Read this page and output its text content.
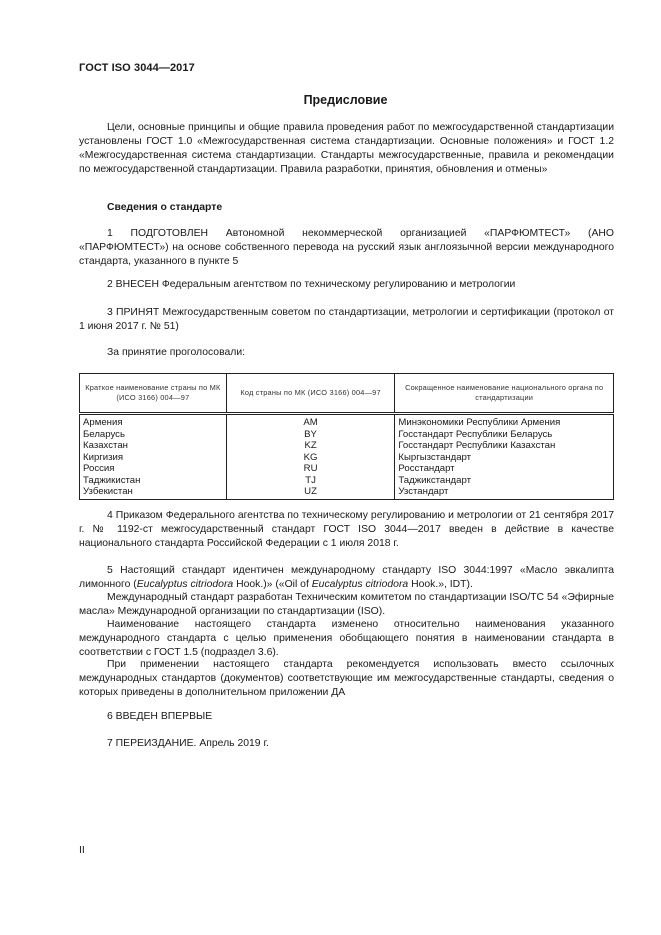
ГОСТ ISO 3044—2017
Предисловие
Цели, основные принципы и общие правила проведения работ по межгосударственной стандартизации установлены ГОСТ 1.0 «Межгосударственная система стандартизации. Основные положения» и ГОСТ 1.2 «Межгосударственная система стандартизации. Стандарты межгосударственные, правила и рекомендации по межгосударственной стандартизации. Правила разработки, принятия, обновления и отмены»
Сведения о стандарте
1 ПОДГОТОВЛЕН Автономной некоммерческой организацией «ПАРФЮМТЕСТ» (АНО «ПАРФЮМТЕСТ») на основе собственного перевода на русский язык англоязычной версии международного стандарта, указанного в пункте 5
2 ВНЕСЕН Федеральным агентством по техническому регулированию и метрологии
3 ПРИНЯТ Межгосударственным советом по стандартизации, метрологии и сертификации (протокол от 1 июня 2017 г. № 51)
За принятие проголосовали:
Краткое наименование страны по МК (ИСО 3166) 004—97	Код страны по МК (ИСО 3166) 004—97	Сокращенное наименование национального органа по стандартизации
Армения	AM	Минэкономики Республики Армения
Беларусь	BY	Госстандарт Республики Беларусь
Казахстан	KZ	Госстандарт Республики Казахстан
Киргизия	KG	Кыргызстандарт
Россия	RU	Росстандарт
Таджикистан	TJ	Таджикстандарт
Узбекистан	UZ	Узстандарт
4 Приказом Федерального агентства по техническому регулированию и метрологии от 21 сентября 2017 г. № 1192-ст межгосударственный стандарт ГОСТ ISO 3044—2017 введен в действие в качестве национального стандарта Российской Федерации с 1 июля 2018 г.
5 Настоящий стандарт идентичен международному стандарту ISO 3044:1997 «Масло эвкалипта лимонного (Eucalyptus citriodora Hook.)» («Oil of Eucalyptus citriodora Hook.», IDT).
Международный стандарт разработан Техническим комитетом по стандартизации ISO/TC 54 «Эфирные масла» Международной организации по стандартизации (ISO).
Наименование настоящего стандарта изменено относительно наименования указанного международного стандарта с целью применения обобщающего понятия в наименовании стандарта в соответствии с ГОСТ 1.5 (подраздел 3.6).
При применении настоящего стандарта рекомендуется использовать вместо ссылочных международных стандартов (документов) соответствующие им межгосударственные стандарты, сведения о которых приведены в дополнительном приложении ДА
6 ВВЕДЕН ВПЕРВЫЕ
7 ПЕРЕИЗДАНИЕ. Апрель 2019 г.
II
